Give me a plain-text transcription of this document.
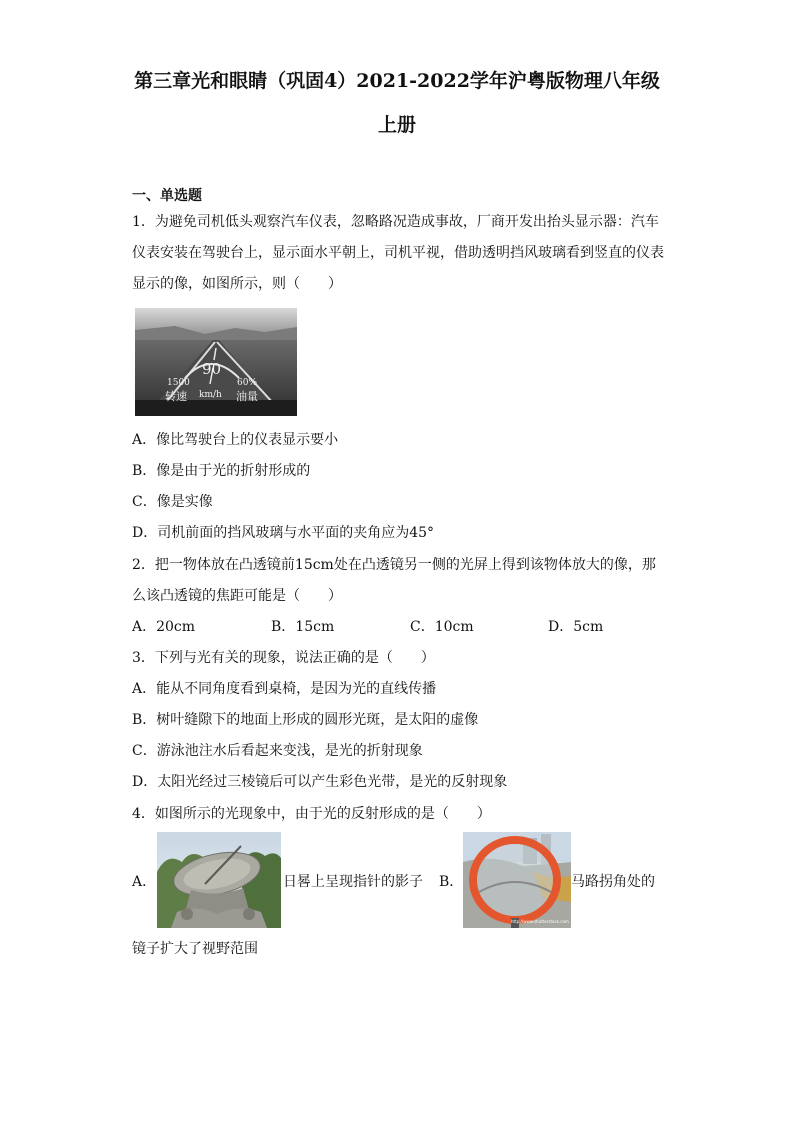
第三章光和眼睛（巩固4）2021-2022学年沪粤版物理八年级
上册
一、单选题
1．为避免司机低头观察汽车仪表，忽略路况造成事故，厂商开发出抬头显示器：汽车
仪表安装在驾驶台上，显示面水平朝上，司机平视，借助透明挡风玻璃看到竖直的仪表
显示的像，如图所示，则（　　）
90
1500	60%
转速 km/h 油量
A．像比驾驶台上的仪表显示要小
B．像是由于光的折射形成的
C．像是实像
D．司机前面的挡风玻璃与水平面的夹角应为45°
2．把一物体放在凸透镜前15cm处在凸透镜另一侧的光屏上得到该物体放大的像，那
么该凸透镜的焦距可能是（　　）
A．20cm	B．15cm	C．10cm	D．5cm
3．下列与光有关的现象，说法正确的是（　　）
A．能从不同角度看到桌椅，是因为光的直线传播
B．树叶缝隙下的地面上形成的圆形光斑，是太阳的虚像
C．游泳池注水后看起来变浅，是光的折射现象
D．太阳光经过三棱镜后可以产生彩色光带，是光的反射现象
4．如图所示的光现象中，由于光的反射形成的是（　　）
A．	日晷上呈现指针的影子 B．
http://www.shutterstock.com
马路拐角处的
镜子扩大了视野范围
